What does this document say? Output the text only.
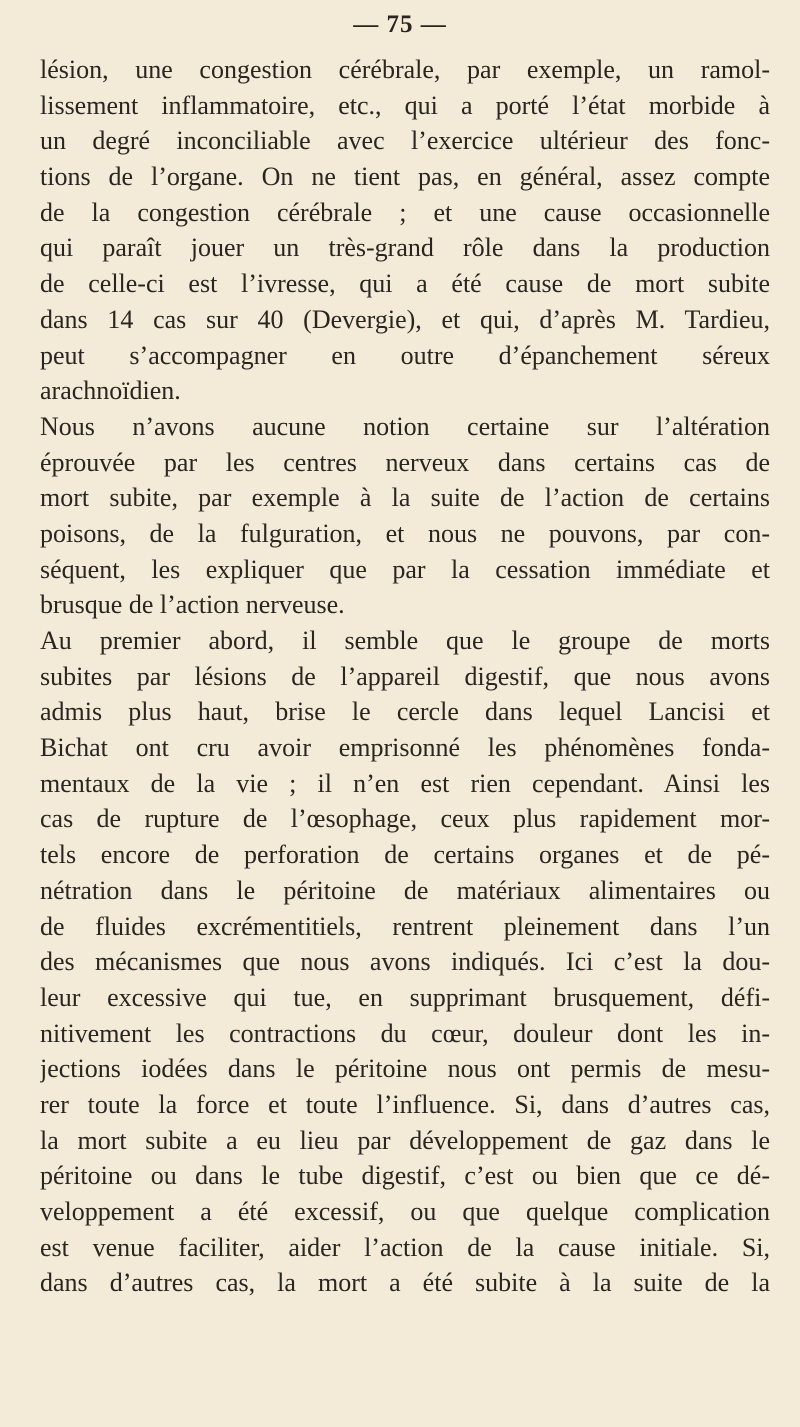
— 75 —
lésion, une congestion cérébrale, par exemple, un ramol-
lissement inflammatoire, etc., qui a porté l’état morbide à
un degré inconciliable avec l’exercice ultérieur des fonc-
tions de l’organe. On ne tient pas, en général, assez compte
de la congestion cérébrale ; et une cause occasionnelle
qui paraît jouer un très-grand rôle dans la production
de celle-ci est l’ivresse, qui a été cause de mort subite
dans 14 cas sur 40 (Devergie), et qui, d’après M. Tardieu,
peut s’accompagner en outre d’épanchement séreux
arachnoïdien.
Nous n’avons aucune notion certaine sur l’altération
éprouvée par les centres nerveux dans certains cas de
mort subite, par exemple à la suite de l’action de certains
poisons, de la fulguration, et nous ne pouvons, par con-
séquent, les expliquer que par la cessation immédiate et
brusque de l’action nerveuse.
Au premier abord, il semble que le groupe de morts
subites par lésions de l’appareil digestif, que nous avons
admis plus haut, brise le cercle dans lequel Lancisi et
Bichat ont cru avoir emprisonné les phénomènes fonda-
mentaux de la vie ; il n’en est rien cependant. Ainsi les
cas de rupture de l’œsophage, ceux plus rapidement mor-
tels encore de perforation de certains organes et de pé-
nétration dans le péritoine de matériaux alimentaires ou
de fluides excrémentitiels, rentrent pleinement dans l’un
des mécanismes que nous avons indiqués. Ici c’est la dou-
leur excessive qui tue, en supprimant brusquement, défi-
nitivement les contractions du cœur, douleur dont les in-
jections iodées dans le péritoine nous ont permis de mesu-
rer toute la force et toute l’influence. Si, dans d’autres cas,
la mort subite a eu lieu par développement de gaz dans le
péritoine ou dans le tube digestif, c’est ou bien que ce dé-
veloppement a été excessif, ou que quelque complication
est venue faciliter, aider l’action de la cause initiale. Si,
dans d’autres cas, la mort a été subite à la suite de la
